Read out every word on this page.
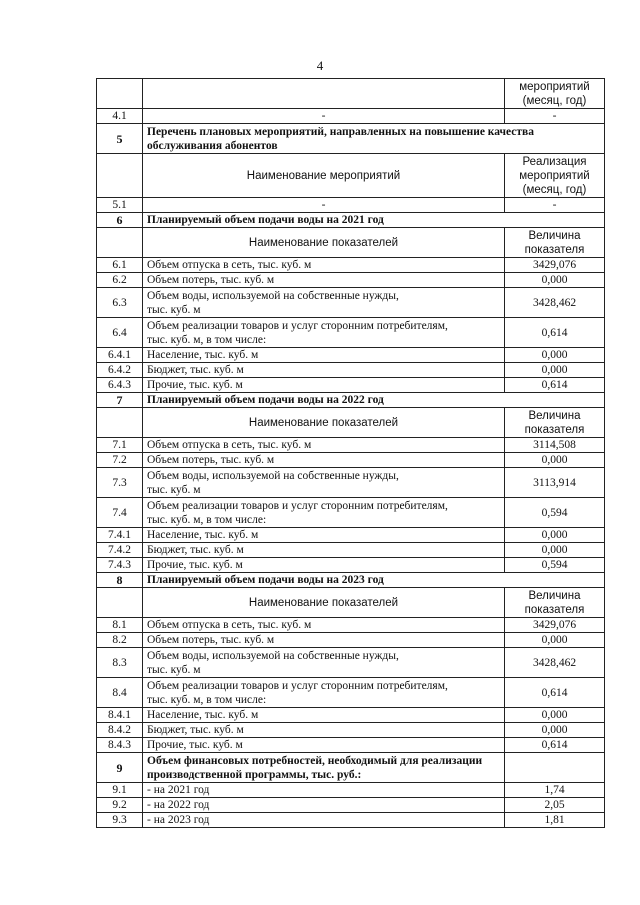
4

		мероприятий
(месяц, год)

4.1	-	-
5	Перечень плановых мероприятий, направленных на повышение качества обслуживания абонентов	
	Наименование мероприятий	Реализация
мероприятий
(месяц, год)

5.1	-	-
6	Планируемый объем подачи воды на 2021 год	
	Наименование показателей	Величина
показателя

6.1	Объем отпуска в сеть, тыс. куб. м	3429,076
6.2	Объем потерь, тыс. куб. м	0,000
6.3	Объем воды, используемой на собственные нужды,
тыс. куб. м	3428,462
6.4	Объем реализации товаров и услуг сторонним потребителям,
тыс. куб. м, в том числе:	0,614
6.4.1	Население, тыс. куб. м	0,000
6.4.2	Бюджет, тыс. куб. м	0,000
6.4.3	Прочие, тыс. куб. м	0,614
7	Планируемый объем подачи воды на 2022 год	
	Наименование показателей	Величина
показателя

7.1	Объем отпуска в сеть, тыс. куб. м	3114,508
7.2	Объем потерь, тыс. куб. м	0,000
7.3	Объем воды, используемой на собственные нужды,
тыс. куб. м	3113,914
7.4	Объем реализации товаров и услуг сторонним потребителям,
тыс. куб. м, в том числе:	0,594
7.4.1	Население, тыс. куб. м	0,000
7.4.2	Бюджет, тыс. куб. м	0,000
7.4.3	Прочие, тыс. куб. м	0,594
8	Планируемый объем подачи воды на 2023 год	
	Наименование показателей	Величина
показателя

8.1	Объем отпуска в сеть, тыс. куб. м	3429,076
8.2	Объем потерь, тыс. куб. м	0,000
8.3	Объем воды, используемой на собственные нужды,
тыс. куб. м	3428,462
8.4	Объем реализации товаров и услуг сторонним потребителям,
тыс. куб. м, в том числе:	0,614
8.4.1	Население, тыс. куб. м	0,000
8.4.2	Бюджет, тыс. куб. м	0,000
8.4.3	Прочие, тыс. куб. м	0,614
9	Объем финансовых потребностей, необходимый для реализации производственной программы, тыс. руб.:	
9.1	- на 2021 год	1,74
9.2	- на 2022 год	2,05
9.3	- на 2023 год	1,81
